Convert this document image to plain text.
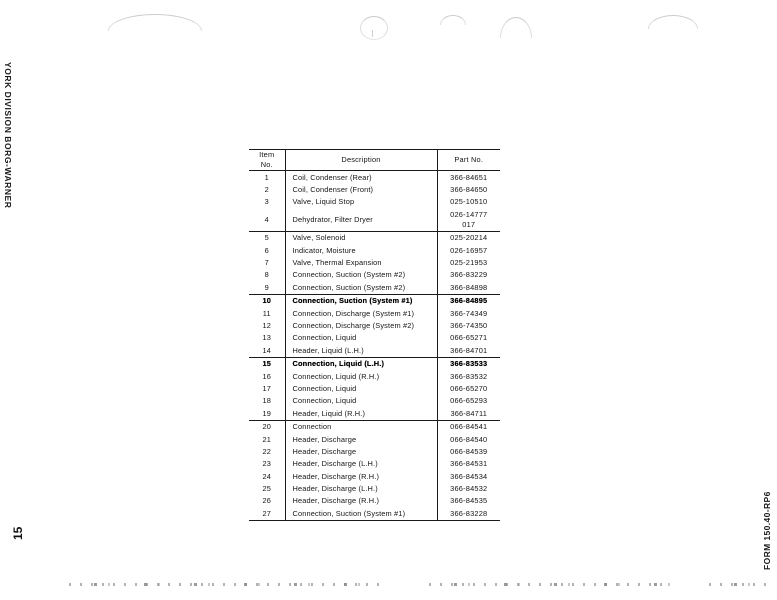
YORK DIVISION BORG-WARNER
FORM 150.40-RP6
15
Item
No.	Description	Part No.
1	Coil, Condenser (Rear)	366-84651
2	Coil, Condenser (Front)	366-84650
3	Valve, Liquid Stop	025-10510
4	Dehydrator, Filter Dryer	026-14777
017

5	Valve, Solenoid	025-20214
6	Indicator, Moisture	026-16957
7	Valve, Thermal Expansion	025-21953
8	Connection, Suction (System #2)	366-83229
9	Connection, Suction (System #2)	366-84898
10	Connection, Suction (System #1)	366-84895
11	Connection, Discharge (System #1)	366-74349
12	Connection, Discharge (System #2)	366-74350
13	Connection, Liquid	066-65271
14	Header, Liquid (L.H.)	366-84701
15	Connection, Liquid (L.H.)	366-83533
16	Connection, Liquid (R.H.)	366-83532
17	Connection, Liquid	066-65270
18	Connection, Liquid	066-65293
19	Header, Liquid (R.H.)	366-84711
20	Connection	066-84541
21	Header, Discharge	066-84540
22	Header, Discharge	066-84539
23	Header, Discharge (L.H.)	366-84531
24	Header, Discharge (R.H.)	366-84534
25	Header, Discharge (L.H.)	366-84532
26	Header, Discharge (R.H.)	366-84535
27	Connection, Suction (System #1)	366-83228
